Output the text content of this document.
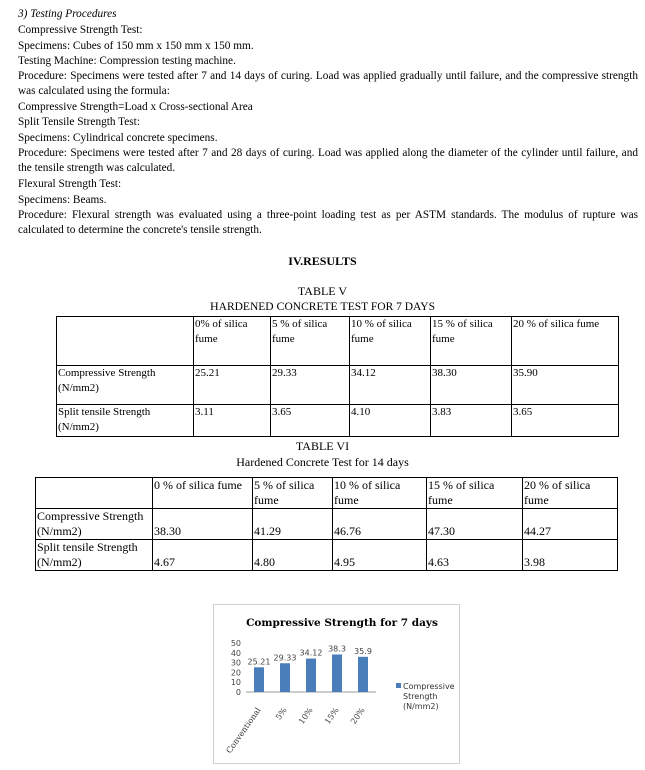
3) Testing Procedures
Compressive Strength Test:
Specimens: Cubes of 150 mm x 150 mm x 150 mm.
Testing Machine: Compression testing machine.
Procedure: Specimens were tested after 7 and 14 days of curing. Load was applied gradually until failure, and the compressive strength was calculated using the formula:
Compressive Strength=Load x Cross-sectional Area
Split Tensile Strength Test:
Specimens: Cylindrical concrete specimens.
Procedure: Specimens were tested after 7 and 28 days of curing. Load was applied along the diameter of the cylinder until failure, and the tensile strength was calculated.
Flexural Strength Test:
Specimens: Beams.
Procedure: Flexural strength was evaluated using a three-point loading test as per ASTM standards. The modulus of rupture was calculated to determine the concrete's tensile strength.
IV.RESULTS
TABLE V
HARDENED CONCRETE TEST FOR 7 DAYS
	0% of silica fume	5 % of silica fume	10 % of silica fume	15 % of silica fume	20 % of silica fume
Compressive Strength (N/mm2)	25.21	29.33	34.12	38.30	35.90
Split tensile Strength (N/mm2)	3.11	3.65	4.10	3.83	3.65
TABLE VI
Hardened Concrete Test for 14 days
	0 % of silica fume	5 % of silica fume	10 % of silica fume	15 % of silica fume	20 % of silica fume
Compressive Strength (N/mm2)	38.30	41.29	46.76	47.30	44.27
Split tensile Strength (N/mm2)	4.67	4.80	4.95	4.63	3.98
Compressive Strength for 7 days
0
10
20
30
40
50
25.21
Conventional
29.33
5%
34.12
10%
38.3
15%
35.9
20%
Compressive
Strength
(N/mm2)
